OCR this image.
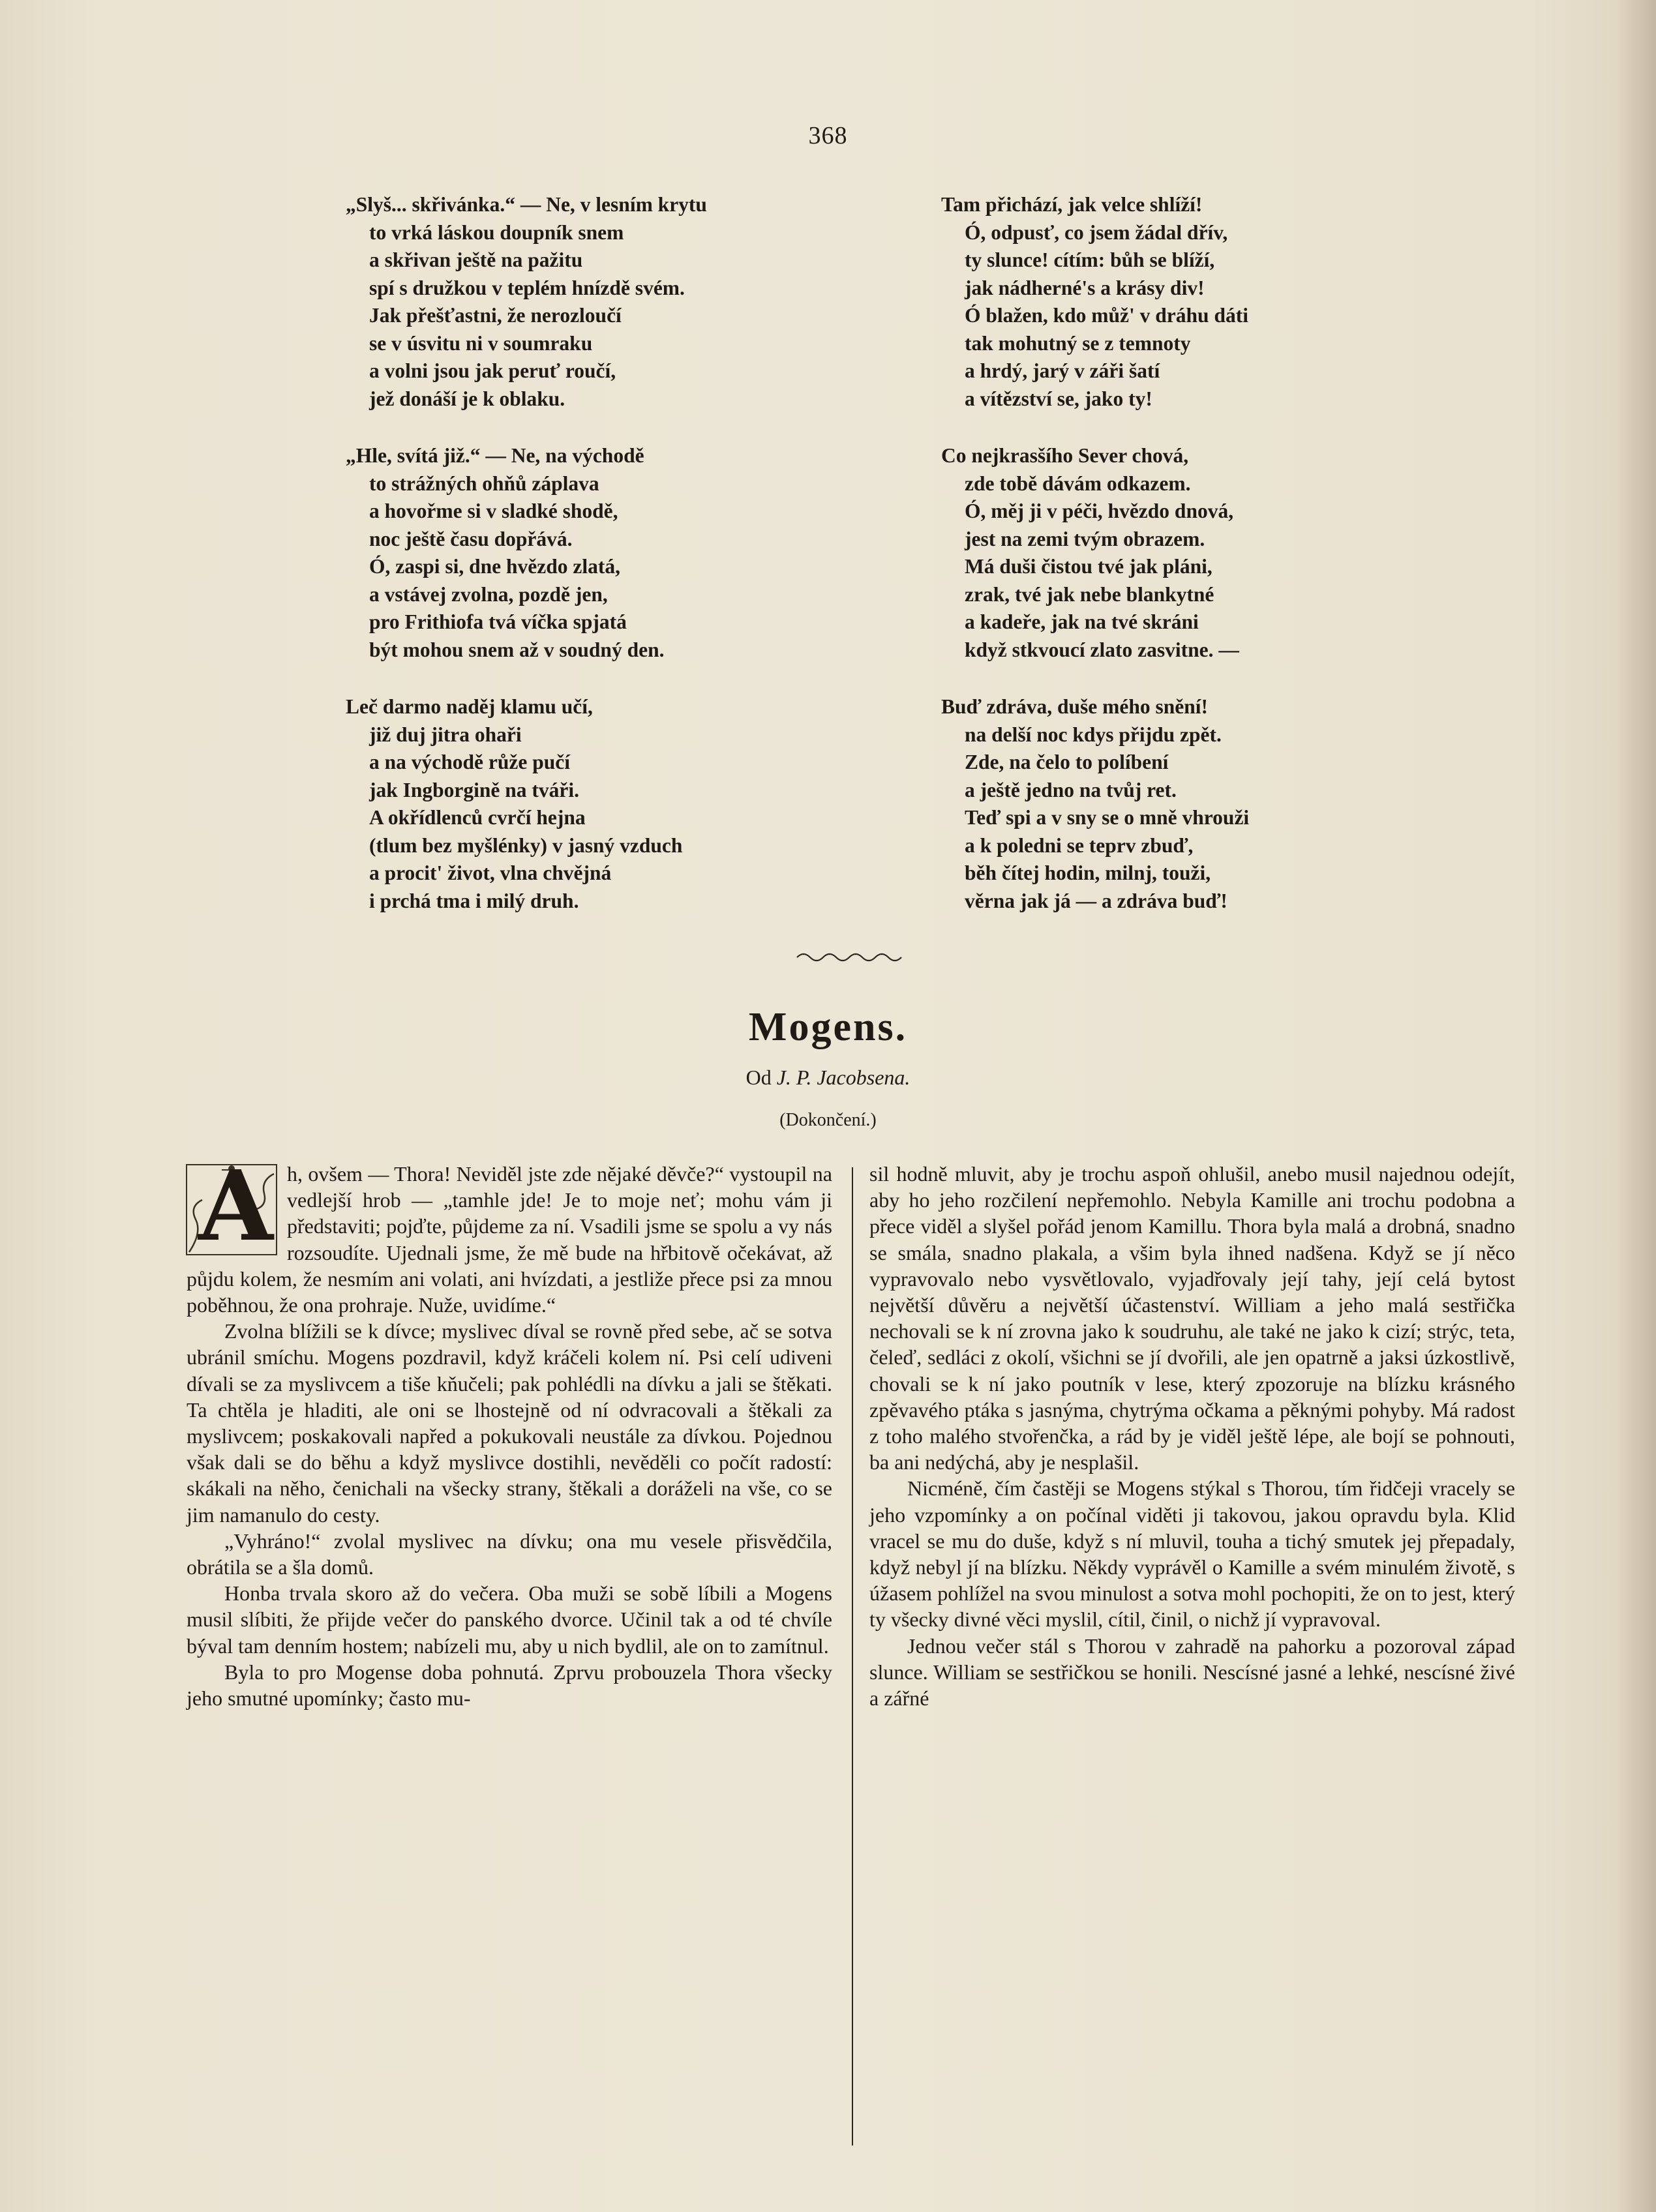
368
„Slyš... skřivánka.“ — Ne, v lesním krytu
to vrká láskou doupník snem
a skřivan ještě na pažitu
spí s družkou v teplém hnízdě svém.
Jak přešťastni, že nerozloučí
se v úsvitu ni v soumraku
a volni jsou jak peruť roučí,
jež donáší je k oblaku.
„Hle, svítá již.“ — Ne, na východě
to strážných ohňů záplava
a hovořme si v sladké shodě,
noc ještě času dopřává.
Ó, zaspi si, dne hvězdo zlatá,
a vstávej zvolna, pozdě jen,
pro Frithiofa tvá víčka spjatá
být mohou snem až v soudný den.
Leč darmo naděj klamu učí,
již duj jitra ohaři
a na východě růže pučí
jak Ingborgině na tváři.
A okřídlenců cvrčí hejna
(tlum bez myšlénky) v jasný vzduch
a procit' život, vlna chvějná
i prchá tma i milý druh.
Tam přichází, jak velce shlíží!
Ó, odpusť, co jsem žádal dřív,
ty slunce! cítím: bůh se blíží,
jak nádherné's a krásy div!
Ó blažen, kdo můž' v dráhu dáti
tak mohutný se z temnoty
a hrdý, jarý v záři šatí
a vítězství se, jako ty!
Co nejkrasšího Sever chová,
zde tobě dávám odkazem.
Ó, měj ji v péči, hvězdo dnová,
jest na zemi tvým obrazem.
Má duši čistou tvé jak pláni,
zrak, tvé jak nebe blankytné
a kadeře, jak na tvé skráni
když stkvoucí zlato zasvitne. —
Buď zdráva, duše mého snění!
na delší noc kdys přijdu zpět.
Zde, na čelo to políbení
a ještě jedno na tvůj ret.
Teď spi a v sny se o mně vhrouži
a k poledni se teprv zbuď,
běh čítej hodin, milnj, touži,
věrna jak já — a zdráva buď!
Mogens.
Od J. P. Jacobsena.
(Dokončení.)
A h, ovšem — Thora! Neviděl jste zde nějaké děvče?“ vystoupil na vedlejší hrob — „tamhle jde! Je to moje neť; mohu vám ji představiti; pojďte, půjdeme za ní. Vsadili jsme se spolu a vy nás rozsoudíte. Ujednali jsme, že mě bude na hřbitově očekávat, až půjdu kolem, že nesmím ani volati, ani hvízdati, a jestliže přece psi za mnou poběhnou, že ona prohraje. Nuže, uvidíme.“

Zvolna blížili se k dívce; myslivec díval se rovně před sebe, ač se sotva ubránil smíchu. Mogens pozdravil, když kráčeli kolem ní. Psi celí udiveni dívali se za myslivcem a tiše kňučeli; pak pohlédli na dívku a jali se štěkati. Ta chtěla je hladiti, ale oni se lhostejně od ní odvracovali a štěkali za myslivcem; poskakovali napřed a pokukovali neustále za dívkou. Pojednou však dali se do běhu a když myslivce dostihli, nevěděli co počít radostí: skákali na něho, čenichali na všecky strany, štěkali a doráželi na vše, co se jim namanulo do cesty.

„Vyhráno!“ zvolal myslivec na dívku; ona mu vesele přisvědčila, obrátila se a šla domů.

Honba trvala skoro až do večera. Oba muži se sobě líbili a Mogens musil slíbiti, že přijde večer do panského dvorce. Učinil tak a od té chvíle býval tam denním hostem; nabízeli mu, aby u nich bydlil, ale on to zamítnul.

Byla to pro Mogense doba pohnutá. Zprvu probouzela Thora všecky jeho smutné upomínky; často mu-

sil hodně mluvit, aby je trochu aspoň ohlušil, anebo musil najednou odejít, aby ho jeho rozčilení nepřemohlo. Nebyla Kamille ani trochu podobna a přece viděl a slyšel pořád jenom Kamillu. Thora byla malá a drobná, snadno se smála, snadno plakala, a všim byla ihned nadšena. Když se jí něco vypravovalo nebo vysvětlovalo, vyjadřovaly její tahy, její celá bytost největší důvěru a největší účastenství. William a jeho malá sestřička nechovali se k ní zrovna jako k soudruhu, ale také ne jako k cizí; strýc, teta, čeleď, sedláci z okolí, všichni se jí dvořili, ale jen opatrně a jaksi úzkostlivě, chovali se k ní jako poutník v lese, který zpozoruje na blízku krásného zpěvavého ptáka s jasnýma, chytrýma očkama a pěknými pohyby. Má radost z toho malého stvořenčka, a rád by je viděl ještě lépe, ale bojí se pohnouti, ba ani nedýchá, aby je nesplašil.

Nicméně, čím častěji se Mogens stýkal s Thorou, tím řidčeji vracely se jeho vzpomínky a on počínal viděti ji takovou, jakou opravdu byla. Klid vracel se mu do duše, když s ní mluvil, touha a tichý smutek jej přepadaly, když nebyl jí na blízku. Někdy vyprávěl o Kamille a svém minulém životě, s úžasem pohlížel na svou minulost a sotva mohl pochopiti, že on to jest, který ty všecky divné věci myslil, cítil, činil, o nichž jí vypravoval.

Jednou večer stál s Thorou v zahradě na pahorku a pozoroval západ slunce. William se sestřičkou se honili. Nescísné jasné a lehké, nescísné živé a zářné
